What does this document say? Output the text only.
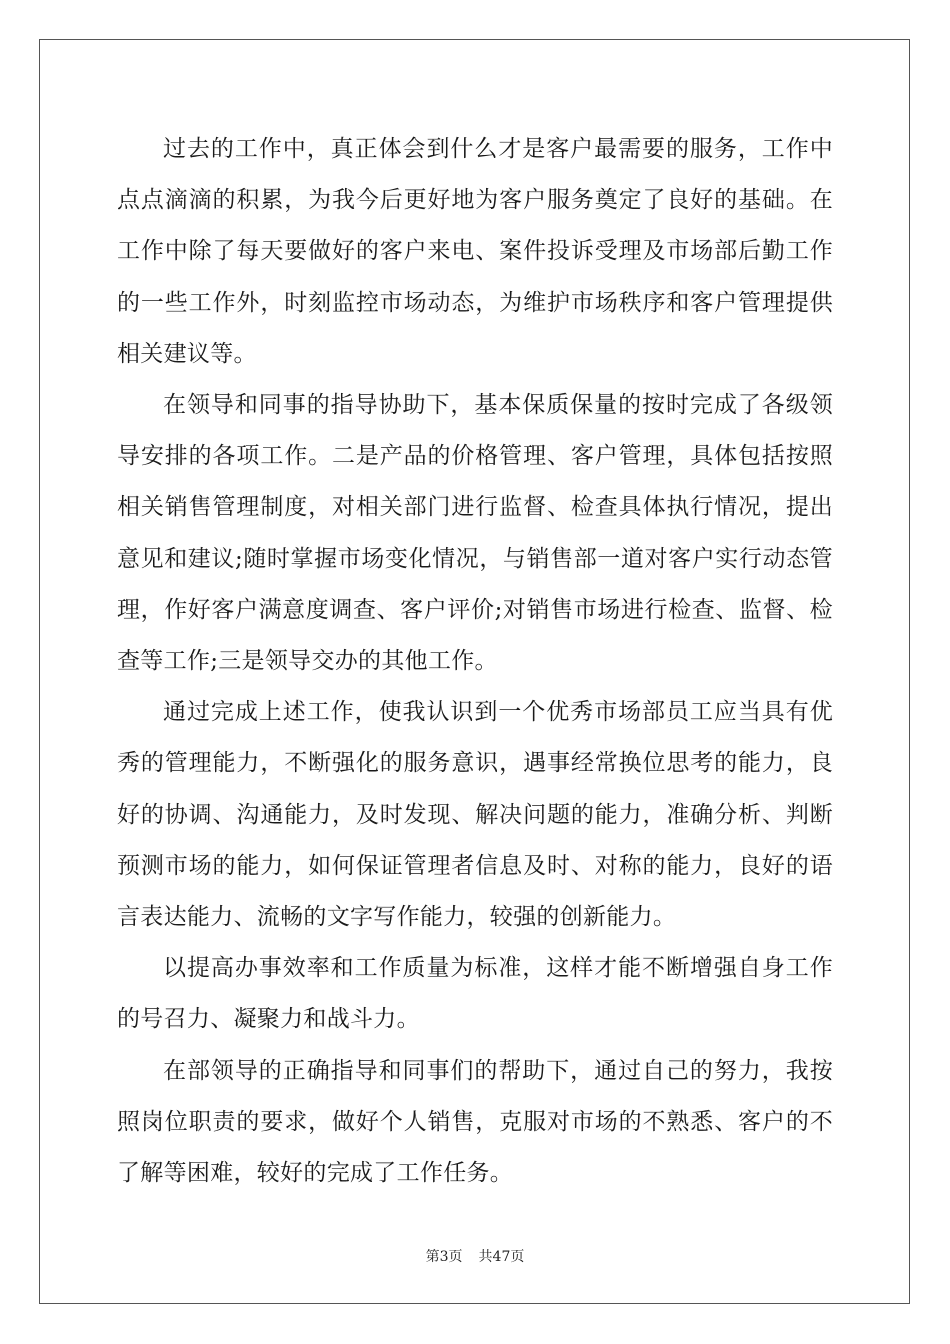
过去的工作中，真正体会到什么才是客户最需要的服务，工作中点点滴滴的积累，为我今后更好地为客户服务奠定了良好的基础。在工作中除了每天要做好的客户来电、案件投诉受理及市场部后勤工作的一些工作外，时刻监控市场动态，为维护市场秩序和客户管理提供相关建议等。

在领导和同事的指导协助下，基本保质保量的按时完成了各级领导安排的各项工作。二是产品的价格管理、客户管理，具体包括按照相关销售管理制度，对相关部门进行监督、检查具体执行情况，提出意见和建议;随时掌握市场变化情况，与销售部一道对客户实行动态管理，作好客户满意度调查、客户评价;对销售市场进行检查、监督、检查等工作;三是领导交办的其他工作。

通过完成上述工作，使我认识到一个优秀市场部员工应当具有优秀的管理能力，不断强化的服务意识，遇事经常换位思考的能力，良好的协调、沟通能力，及时发现、解决问题的能力，准确分析、判断预测市场的能力，如何保证管理者信息及时、对称的能力，良好的语言表达能力、流畅的文字写作能力，较强的创新能力。

以提高办事效率和工作质量为标准，这样才能不断增强自身工作的号召力、凝聚力和战斗力。

在部领导的正确指导和同事们的帮助下，通过自己的努力，我按照岗位职责的要求，做好个人销售，克服对市场的不熟悉、客户的不了解等困难，较好的完成了工作任务。

第3页 共47页
